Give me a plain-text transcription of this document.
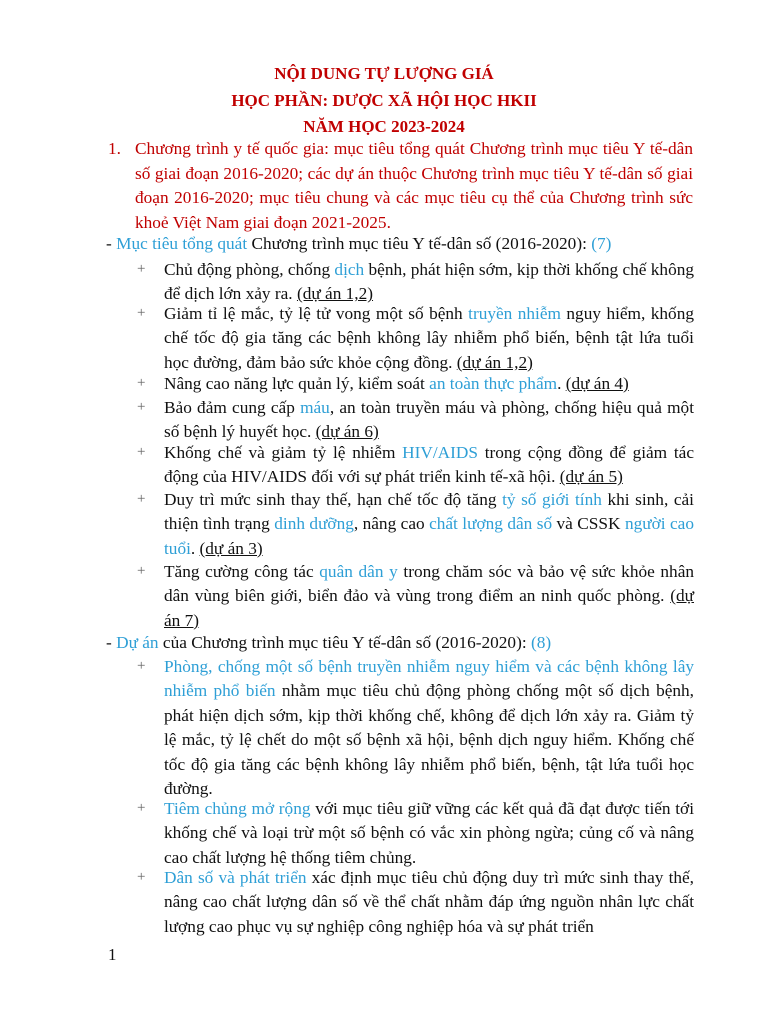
NỘI DUNG TỰ LƯỢNG GIÁ
HỌC PHẦN: DƯỢC XÃ HỘI HỌC HKII
NĂM HỌC 2023-2024
1. Chương trình y tế quốc gia: mục tiêu tổng quát Chương trình mục tiêu Y tế-dân số giai đoạn 2016-2020; các dự án thuộc Chương trình mục tiêu Y tế-dân số giai đoạn 2016-2020; mục tiêu chung và các mục tiêu cụ thể của Chương trình sức khoẻ Việt Nam giai đoạn 2021-2025.

- Mục tiêu tổng quát Chương trình mục tiêu Y tế-dân số (2016-2020): (7)
+ Chủ động phòng, chống dịch bệnh, phát hiện sớm, kịp thời khống chế không để dịch lớn xảy ra. (dự án 1,2)
+ Giảm tỉ lệ mắc, tỷ lệ tử vong một số bệnh truyền nhiễm nguy hiểm, khống chế tốc độ gia tăng các bệnh không lây nhiễm phổ biến, bệnh tật lứa tuổi học đường, đảm bảo sức khỏe cộng đồng. (dự án 1,2)
+ Nâng cao năng lực quản lý, kiểm soát an toàn thực phẩm. (dự án 4)
+ Bảo đảm cung cấp máu, an toàn truyền máu và phòng, chống hiệu quả một số bệnh lý huyết học. (dự án 6)
+ Khống chế và giảm tỷ lệ nhiễm HIV/AIDS trong cộng đồng để giảm tác động của HIV/AIDS đối với sự phát triển kinh tế-xã hội. (dự án 5)
+ Duy trì mức sinh thay thế, hạn chế tốc độ tăng tỷ số giới tính khi sinh, cải thiện tình trạng dinh dưỡng, nâng cao chất lượng dân số và CSSK người cao tuổi. (dự án 3)
+ Tăng cường công tác quân dân y trong chăm sóc và bảo vệ sức khỏe nhân dân vùng biên giới, biển đảo và vùng trong điểm an ninh quốc phòng. (dự án 7)
- Dự án của Chương trình mục tiêu Y tế-dân số (2016-2020): (8)
+ Phòng, chống một số bệnh truyền nhiễm nguy hiểm và các bệnh không lây nhiễm phổ biến nhằm mục tiêu chủ động phòng chống một số dịch bệnh, phát hiện dịch sớm, kịp thời khống chế, không để dịch lớn xảy ra. Giảm tỷ lệ mắc, tỷ lệ chết do một số bệnh xã hội, bệnh dịch nguy hiểm. Khống chế tốc độ gia tăng các bệnh không lây nhiễm phổ biến, bệnh, tật lứa tuổi học đường.
+ Tiêm chủng mở rộng với mục tiêu giữ vững các kết quả đã đạt được tiến tới khống chế và loại trừ một số bệnh có vắc xin phòng ngừa; củng cố và nâng cao chất lượng hệ thống tiêm chủng.
+ Dân số và phát triển xác định mục tiêu chủ động duy trì mức sinh thay thế, nâng cao chất lượng dân số về thể chất nhằm đáp ứng nguồn nhân lực chất lượng cao phục vụ sự nghiệp công nghiệp hóa và sự phát triển
1
